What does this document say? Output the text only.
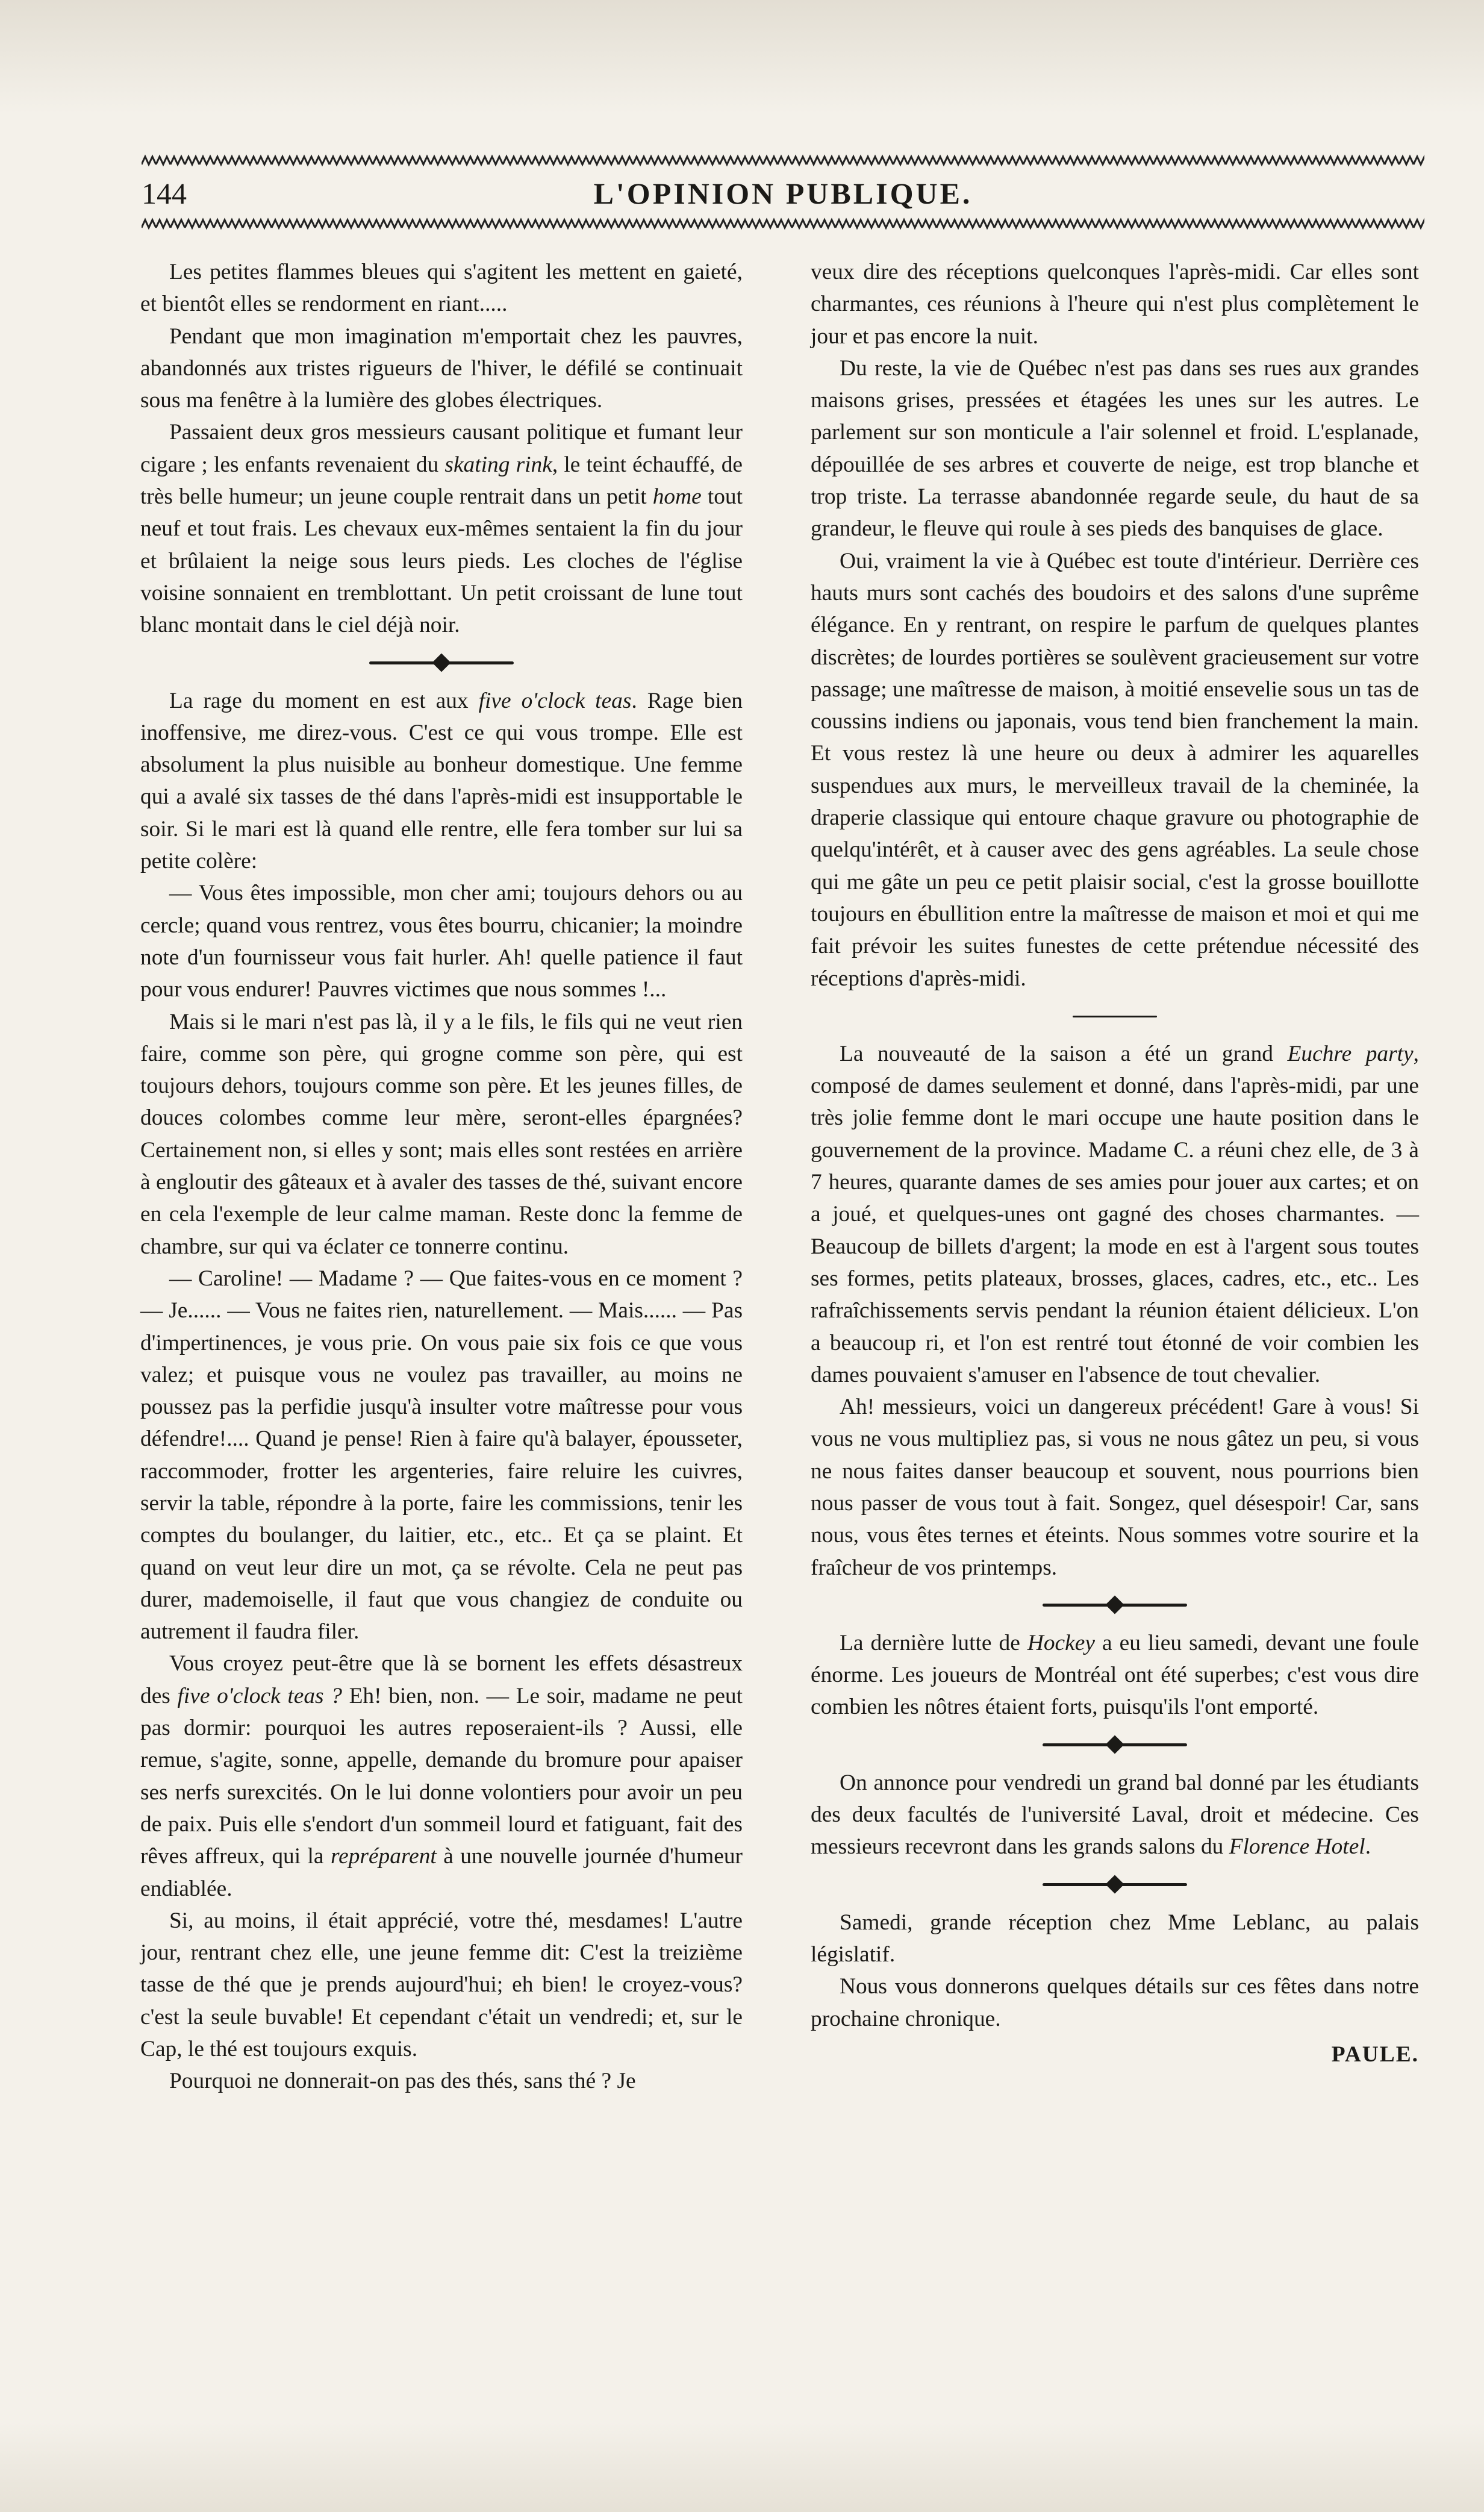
144	L'OPINION PUBLIQUE.

Les petites flammes bleues qui s'agitent les mettent en gaieté, et bientôt elles se rendorment en riant.....

Pendant que mon imagination m'emportait chez les pauvres, abandonnés aux tristes rigueurs de l'hiver, le défilé se continuait sous ma fenêtre à la lumière des globes électriques.

Passaient deux gros messieurs causant politique et fumant leur cigare ; les enfants revenaient du skating rink, le teint échauffé, de très belle humeur; un jeune couple rentrait dans un petit home tout neuf et tout frais. Les chevaux eux-mêmes sentaient la fin du jour et brûlaient la neige sous leurs pieds. Les cloches de l'église voisine sonnaient en tremblottant. Un petit croissant de lune tout blanc montait dans le ciel déjà noir.

La rage du moment en est aux five o'clock teas. Rage bien inoffensive, me direz-vous. C'est ce qui vous trompe. Elle est absolument la plus nuisible au bonheur domestique. Une femme qui a avalé six tasses de thé dans l'après-midi est insupportable le soir. Si le mari est là quand elle rentre, elle fera tomber sur lui sa petite colère:

— Vous êtes impossible, mon cher ami; toujours dehors ou au cercle; quand vous rentrez, vous êtes bourru, chicanier; la moindre note d'un fournisseur vous fait hurler. Ah! quelle patience il faut pour vous endurer! Pauvres victimes que nous sommes !...

Mais si le mari n'est pas là, il y a le fils, le fils qui ne veut rien faire, comme son père, qui grogne comme son père, qui est toujours dehors, toujours comme son père. Et les jeunes filles, de douces colombes comme leur mère, seront-elles épargnées? Certainement non, si elles y sont; mais elles sont restées en arrière à engloutir des gâteaux et à avaler des tasses de thé, suivant encore en cela l'exemple de leur calme maman. Reste donc la femme de chambre, sur qui va éclater ce tonnerre continu.

— Caroline! — Madame ? — Que faites-vous en ce moment ? — Je...... — Vous ne faites rien, naturellement. — Mais...... — Pas d'impertinences, je vous prie. On vous paie six fois ce que vous valez; et puisque vous ne voulez pas travailler, au moins ne poussez pas la perfidie jusqu'à insulter votre maîtresse pour vous défendre!.... Quand je pense! Rien à faire qu'à balayer, épousseter, raccommoder, frotter les argenteries, faire reluire les cuivres, servir la table, répondre à la porte, faire les commissions, tenir les comptes du boulanger, du laitier, etc., etc.. Et ça se plaint. Et quand on veut leur dire un mot, ça se révolte. Cela ne peut pas durer, mademoiselle, il faut que vous changiez de conduite ou autrement il faudra filer.

Vous croyez peut-être que là se bornent les effets désastreux des five o'clock teas ? Eh! bien, non. — Le soir, madame ne peut pas dormir: pourquoi les autres reposeraient-ils ? Aussi, elle remue, s'agite, sonne, appelle, demande du bromure pour apaiser ses nerfs surexcités. On le lui donne volontiers pour avoir un peu de paix. Puis elle s'endort d'un sommeil lourd et fatiguant, fait des rêves affreux, qui la repréparent à une nouvelle journée d'humeur endiablée.

Si, au moins, il était apprécié, votre thé, mesdames! L'autre jour, rentrant chez elle, une jeune femme dit: C'est la treizième tasse de thé que je prends aujourd'hui; eh bien! le croyez-vous? c'est la seule buvable! Et cependant c'était un vendredi; et, sur le Cap, le thé est toujours exquis.

Pourquoi ne donnerait-on pas des thés, sans thé ? Je

veux dire des réceptions quelconques l'après-midi. Car elles sont charmantes, ces réunions à l'heure qui n'est plus complètement le jour et pas encore la nuit.

Du reste, la vie de Québec n'est pas dans ses rues aux grandes maisons grises, pressées et étagées les unes sur les autres. Le parlement sur son monticule a l'air solennel et froid. L'esplanade, dépouillée de ses arbres et couverte de neige, est trop blanche et trop triste. La terrasse abandonnée regarde seule, du haut de sa grandeur, le fleuve qui roule à ses pieds des banquises de glace.

Oui, vraiment la vie à Québec est toute d'intérieur. Derrière ces hauts murs sont cachés des boudoirs et des salons d'une suprême élégance. En y rentrant, on respire le parfum de quelques plantes discrètes; de lourdes portières se soulèvent gracieusement sur votre passage; une maîtresse de maison, à moitié ensevelie sous un tas de coussins indiens ou japonais, vous tend bien franchement la main. Et vous restez là une heure ou deux à admirer les aquarelles suspendues aux murs, le merveilleux travail de la cheminée, la draperie classique qui entoure chaque gravure ou photographie de quelqu'intérêt, et à causer avec des gens agréables. La seule chose qui me gâte un peu ce petit plaisir social, c'est la grosse bouillotte toujours en ébullition entre la maîtresse de maison et moi et qui me fait prévoir les suites funestes de cette prétendue nécessité des réceptions d'après-midi.

La nouveauté de la saison a été un grand Euchre party, composé de dames seulement et donné, dans l'après-midi, par une très jolie femme dont le mari occupe une haute position dans le gouvernement de la province. Madame C. a réuni chez elle, de 3 à 7 heures, quarante dames de ses amies pour jouer aux cartes; et on a joué, et quelques-unes ont gagné des choses charmantes. — Beaucoup de billets d'argent; la mode en est à l'argent sous toutes ses formes, petits plateaux, brosses, glaces, cadres, etc., etc.. Les rafraîchissements servis pendant la réunion étaient délicieux. L'on a beaucoup ri, et l'on est rentré tout étonné de voir combien les dames pouvaient s'amuser en l'absence de tout chevalier.

Ah! messieurs, voici un dangereux précédent! Gare à vous! Si vous ne vous multipliez pas, si vous ne nous gâtez un peu, si vous ne nous faites danser beaucoup et souvent, nous pourrions bien nous passer de vous tout à fait. Songez, quel désespoir! Car, sans nous, vous êtes ternes et éteints. Nous sommes votre sourire et la fraîcheur de vos printemps.

La dernière lutte de Hockey a eu lieu samedi, devant une foule énorme. Les joueurs de Montréal ont été superbes; c'est vous dire combien les nôtres étaient forts, puisqu'ils l'ont emporté.

On annonce pour vendredi un grand bal donné par les étudiants des deux facultés de l'université Laval, droit et médecine. Ces messieurs recevront dans les grands salons du Florence Hotel.

Samedi, grande réception chez Mme Leblanc, au palais législatif.

Nous vous donnerons quelques détails sur ces fêtes dans notre prochaine chronique.

PAULE.
